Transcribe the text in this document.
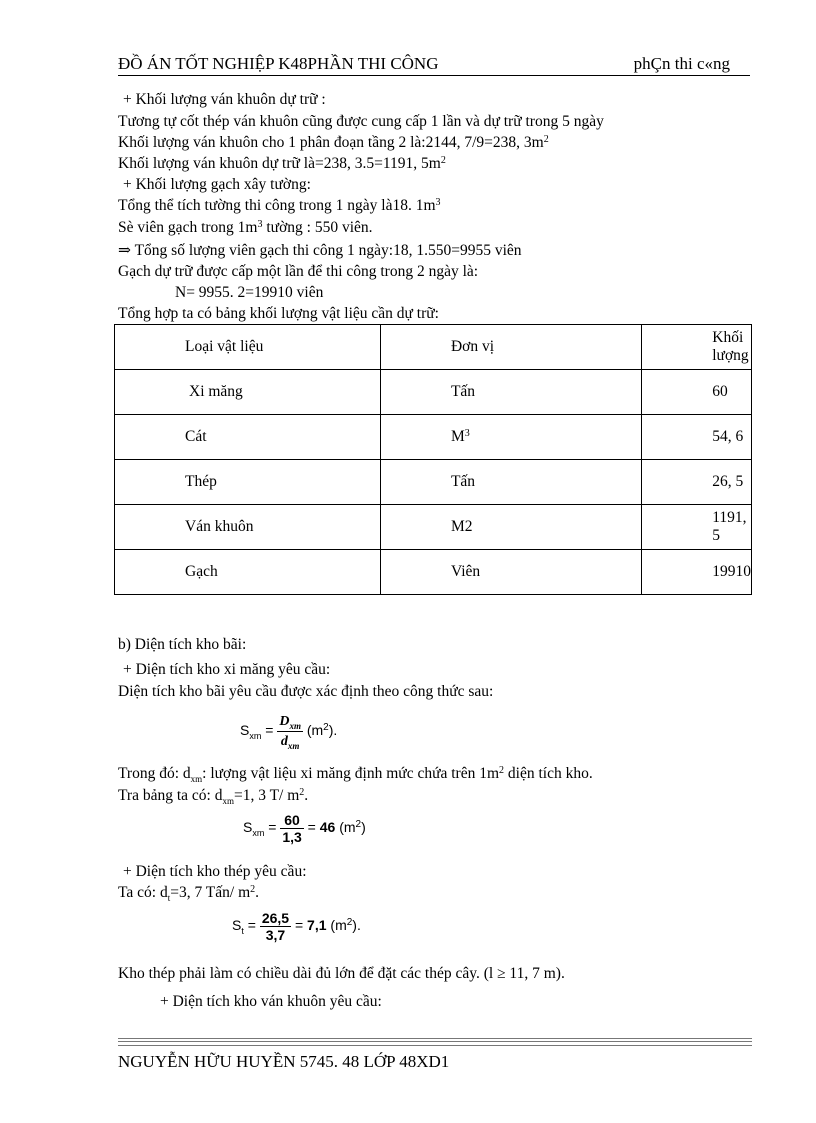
ĐỒ ÁN TỐT NGHIỆP K48PHẦN THI CÔNG	phÇn thi c«ng
+ Khối lượng ván khuôn dự trữ :
Tương tự cốt thép ván khuôn cũng được cung cấp 1 lần và dự trữ trong 5 ngày
Khối lượng ván khuôn cho 1 phân đoạn tầng 2 là:2144, 7/9=238, $3m^2$
Khối lượng ván khuôn dự trữ là=238, 3.5=1191, $5m^2$
+ Khối lượng gạch xây tường:
Tổng thể tích tường thi công trong 1 ngày là18. $1m^3$
Sè viên gạch trong $1m^3$ tường : 550 viên.
⇒ Tổng số lượng viên gạch thi công 1 ngày:18, 1.550=9955 viên
Gạch dự trữ được cấp một lần để thi công trong 2 ngày là:
N= 9955. 2=19910 viên
Tổng hợp ta có bảng khối lượng vật liệu cần dự trữ:
Loại vật liệu	Đơn vị	Khối lượng
Xi măng	Tấn	60
Cát	$M^3$	54, 6
Thép	Tấn	26, 5
Ván khuôn	M2	1191, 5
Gạch	Viên	19910
b) Diện tích kho bãi:
+ Diện tích kho xi măng yêu cầu:
Diện tích kho bãi yêu cầu được xác định theo công thức sau:
$S_{xm} = \frac{D_{xm}}{d_{xm}} (m^2)$.
Trong đó: $d_{xm}$: lượng vật liệu xi măng định mức chứa trên $1m^2$ diện tích kho.
Tra bảng ta có: $d_{xm}=1$, 3 T/ $m^2$.
$S_{xm} = \frac{60}{1,3} = 46$ $(m^2)$
+ Diện tích kho thép yêu cầu:
Ta có: $d_t=3$, 7 Tấn/ $m^2$.
$S_t = \frac{26,5}{3,7} = 7,1$ $(m^2)$.
Kho thép phải làm có chiều dài đủ lớn để đặt các thép cây. (l ≥ 11, 7 m).
+ Diện tích kho ván khuôn yêu cầu:
NGUYỄN HỮU HUYỀN 5745. 48 LỚP 48XD1
